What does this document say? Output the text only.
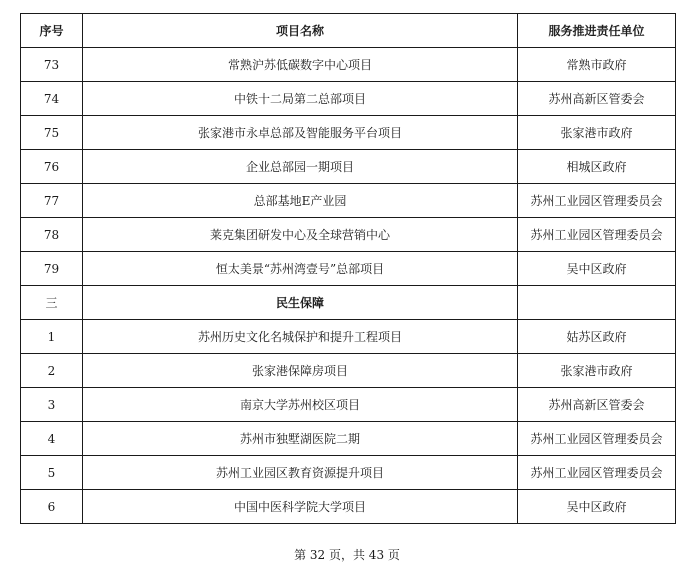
序号	项目名称	服务推进责任单位
73	常熟沪苏低碳数字中心项目	常熟市政府
74	中铁十二局第二总部项目	苏州高新区管委会
75	张家港市永卓总部及智能服务平台项目	张家港市政府
76	企业总部园一期项目	相城区政府
77	总部基地E产业园	苏州工业园区管理委员会
78	莱克集团研发中心及全球营销中心	苏州工业园区管理委员会
79	恒太美景“苏州湾壹号”总部项目	吴中区政府
三	民生保障	
1	苏州历史文化名城保护和提升工程项目	姑苏区政府
2	张家港保障房项目	张家港市政府
3	南京大学苏州校区项目	苏州高新区管委会
4	苏州市独墅湖医院二期	苏州工业园区管理委员会
5	苏州工业园区教育资源提升项目	苏州工业园区管理委员会
6	中国中医科学院大学项目	吴中区政府
第 32 页，共 43 页
